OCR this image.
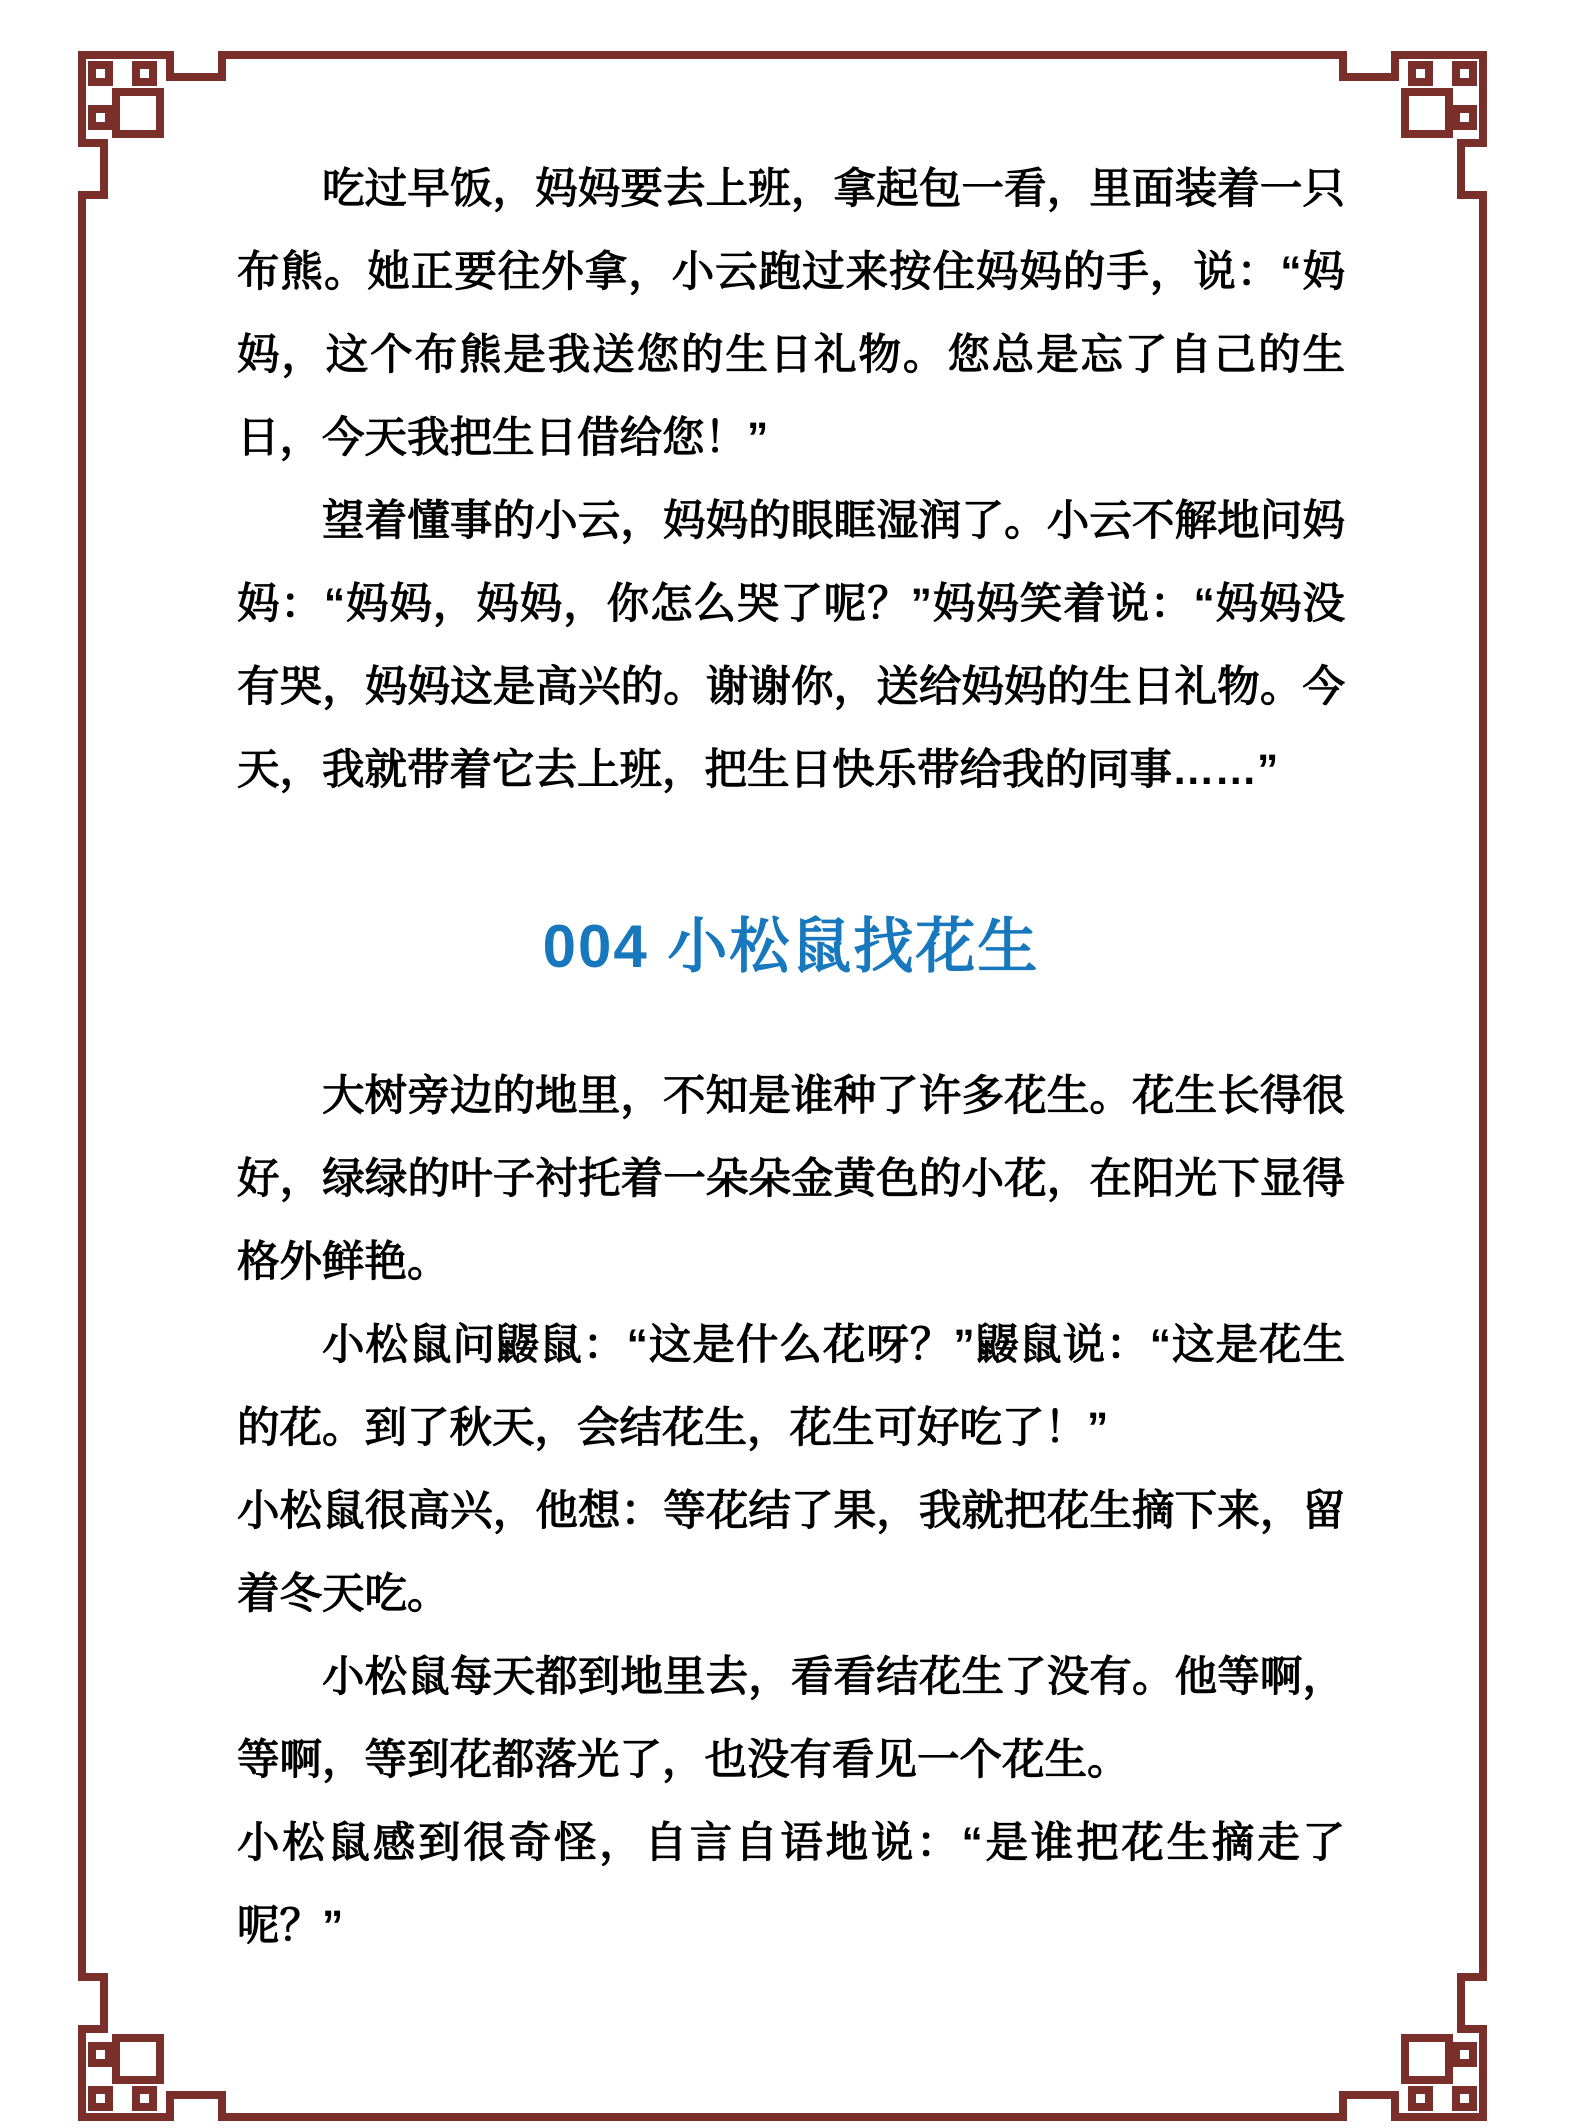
吃过早饭，妈妈要去上班，拿起包一看，里面装着一只布熊。她正要往外拿，小云跑过来按住妈妈的手，说：“妈妈，这个布熊是我送您的生日礼物。您总是忘了自己的生日，今天我把生日借给您！”

望着懂事的小云，妈妈的眼眶湿润了。小云不解地问妈妈：“妈妈，妈妈，你怎么哭了呢？”妈妈笑着说：“妈妈没有哭，妈妈这是高兴的。谢谢你，送给妈妈的生日礼物。今天，我就带着它去上班，把生日快乐带给我的同事……”

004 小松鼠找花生

大树旁边的地里，不知是谁种了许多花生。花生长得很好，绿绿的叶子衬托着一朵朵金黄色的小花，在阳光下显得格外鲜艳。

小松鼠问鼹鼠：“这是什么花呀？”鼹鼠说：“这是花生的花。到了秋天，会结花生，花生可好吃了！”

小松鼠很高兴，他想：等花结了果，我就把花生摘下来，留着冬天吃。

小松鼠每天都到地里去，看看结花生了没有。他等啊，等啊，等到花都落光了，也没有看见一个花生。

小松鼠感到很奇怪，自言自语地说：“是谁把花生摘走了呢？”
